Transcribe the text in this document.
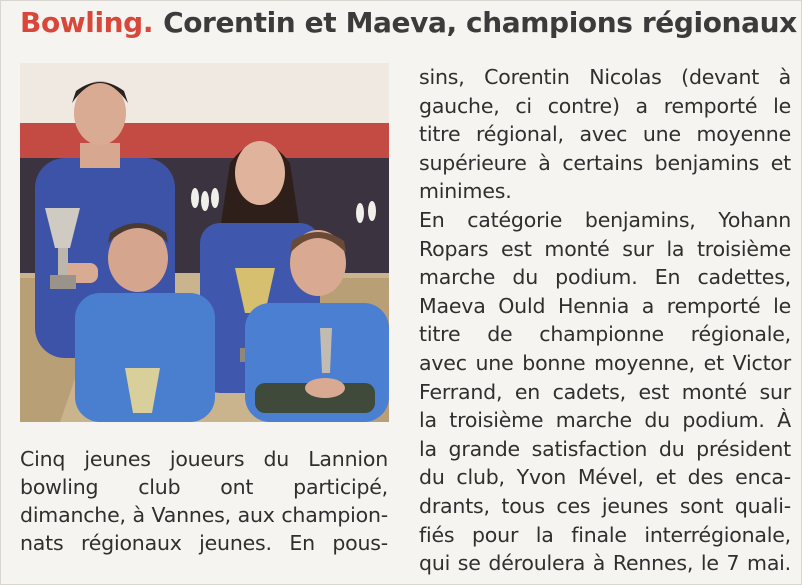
Bowling. Corentin et Maeva, champions régionaux
Cinq jeunes joueurs du Lannion
bowling club ont participé,
dimanche, à Vannes, aux champion-
nats régionaux jeunes. En pous-

sins, Corentin Nicolas (devant à
gauche, ci contre) a remporté le
titre régional, avec une moyenne
supérieure à certains benjamins et
minimes.

En catégorie benjamins, Yohann
Ropars est monté sur la troisième
marche du podium. En cadettes,
Maeva Ould Hennia a remporté le
titre de championne régionale,
avec une bonne moyenne, et Victor
Ferrand, en cadets, est monté sur
la troisième marche du podium. À
la grande satisfaction du président
du club, Yvon Mével, et des enca-
drants, tous ces jeunes sont quali-
fiés pour la finale interrégionale,
qui se déroulera à Rennes, le 7 mai.
